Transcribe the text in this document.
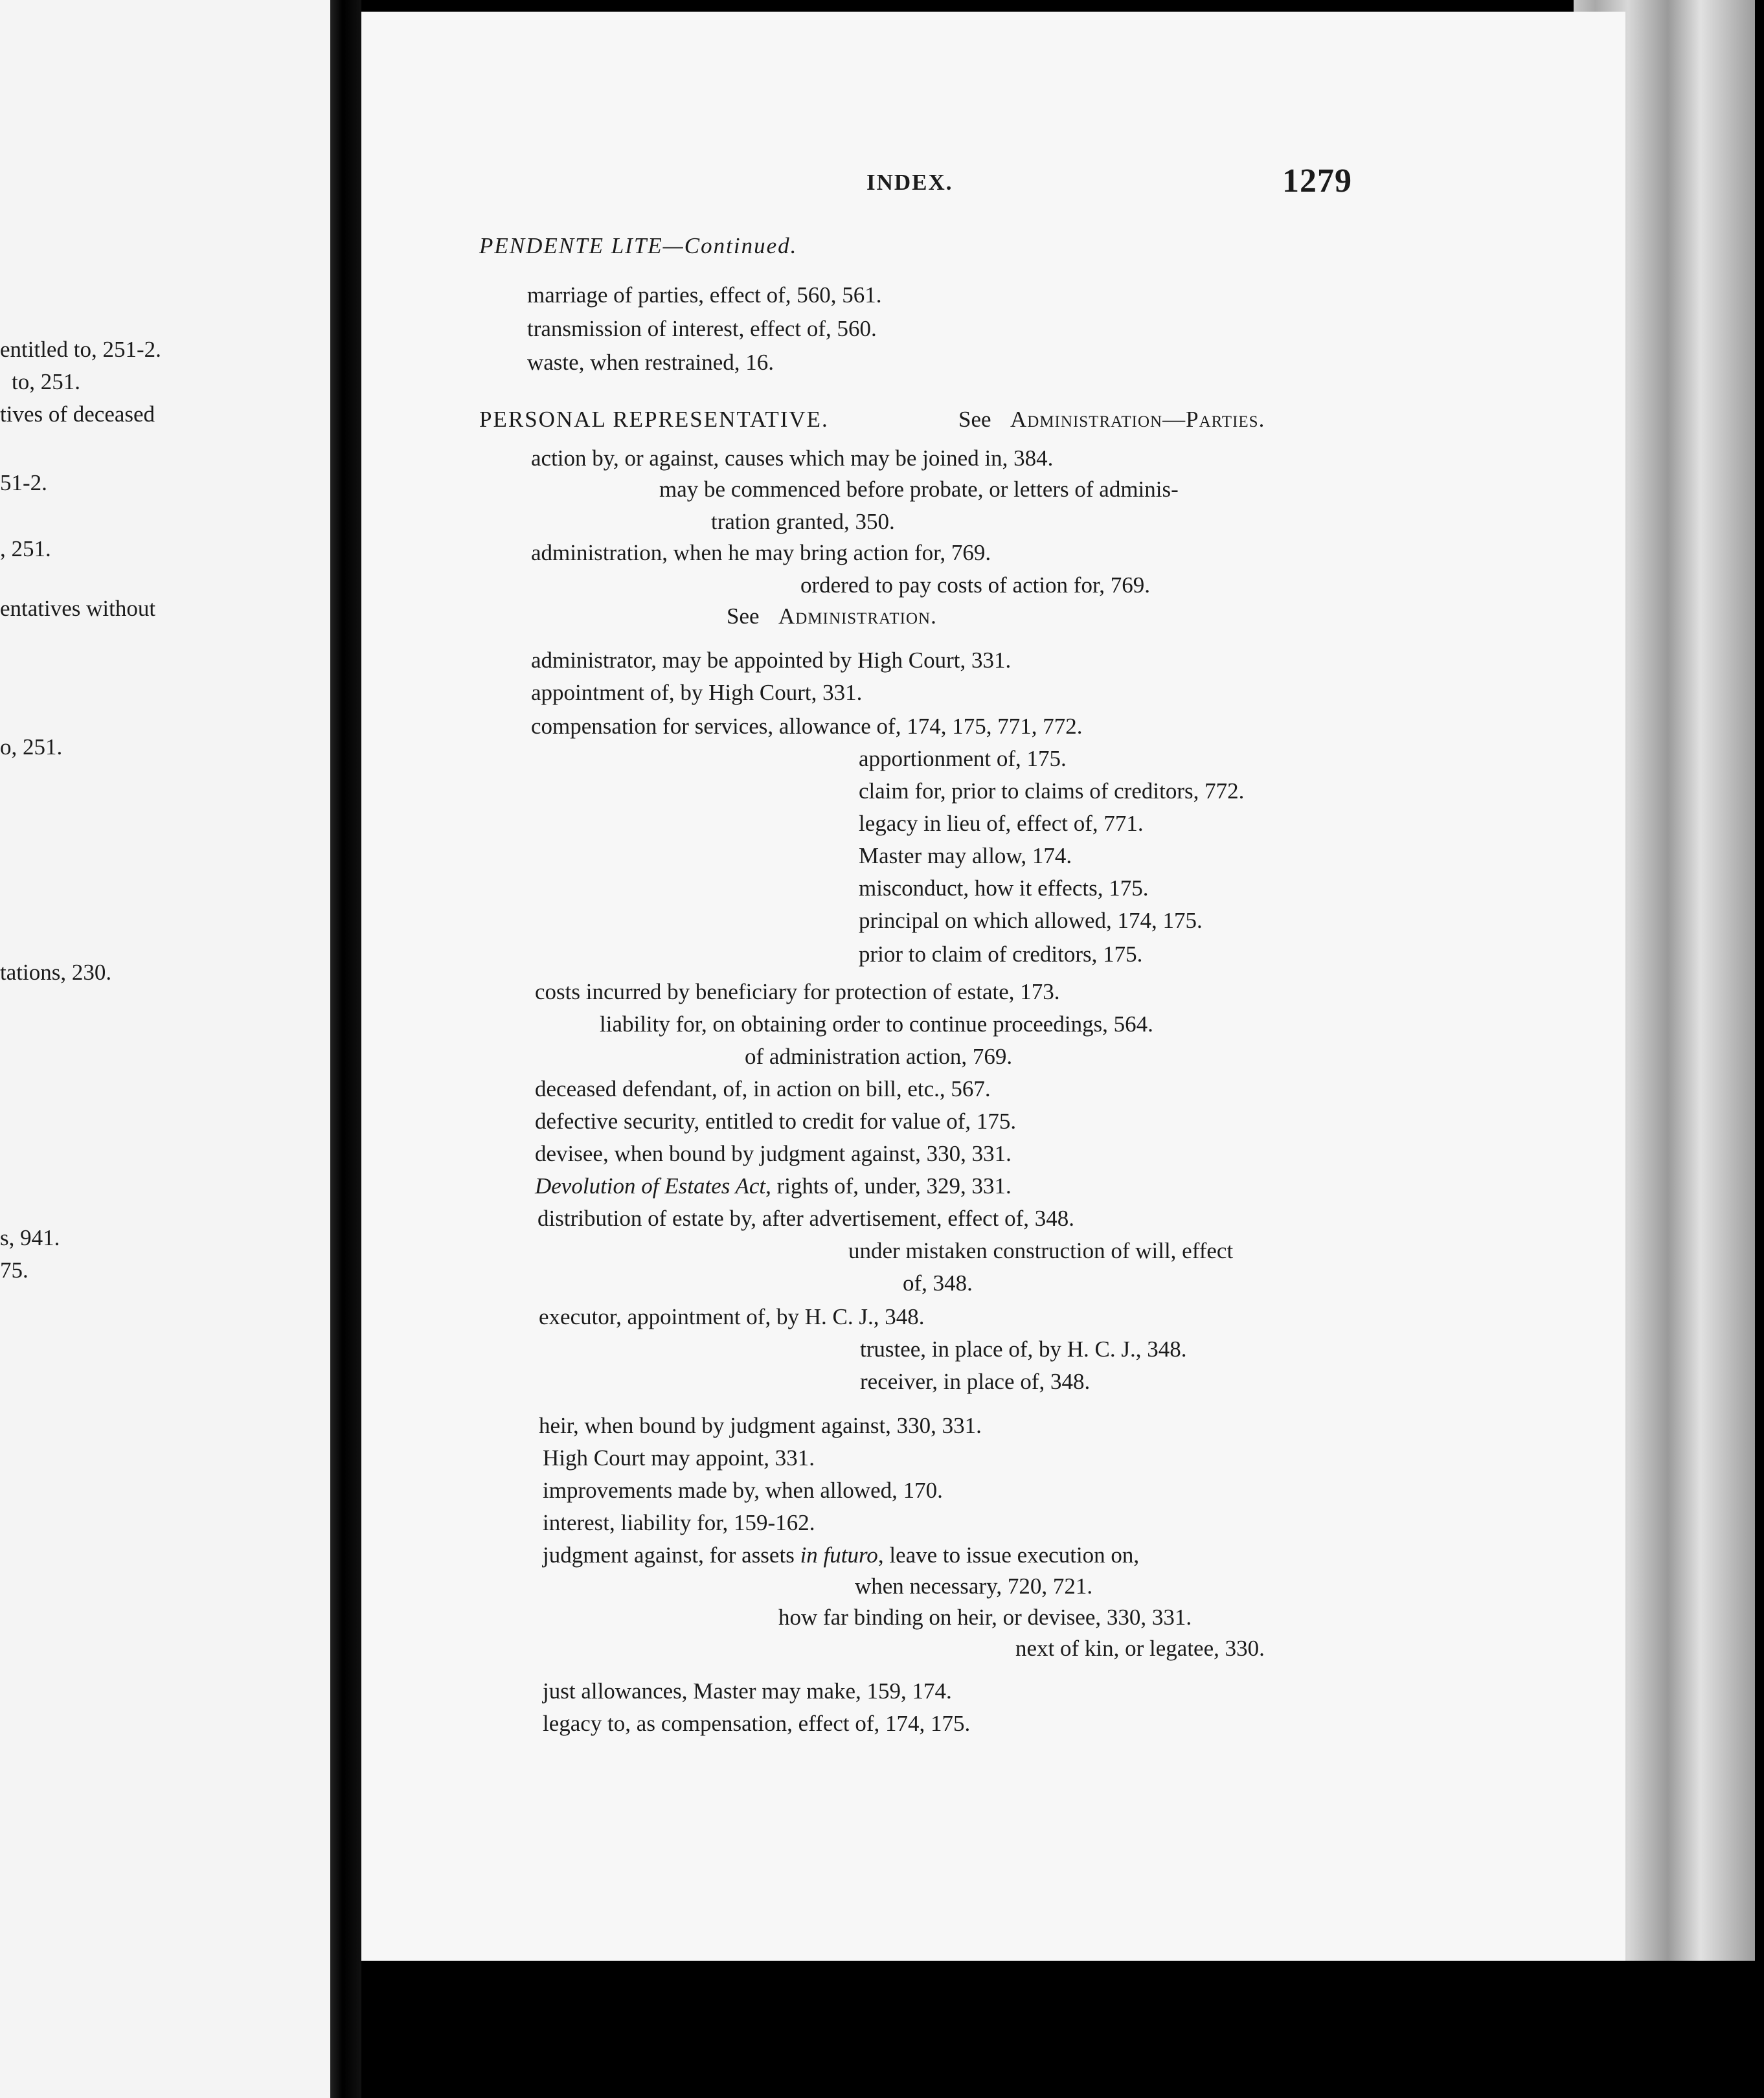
entitled to, 251-2.
to, 251.
tives of deceased
51-2.
, 251.
entatives without
o, 251.
tations, 230.
s, 941.
75.
INDEX.	1279
PENDENTE LITE—Continued.
marriage of parties, effect of, 560, 561.
transmission of interest, effect of, 560.
waste, when restrained, 16.
PERSONAL REPRESENTATIVE.	See Administration—Parties.
action by, or against, causes which may be joined in, 384.
may be commenced before probate, or letters of adminis-
tration granted, 350.
administration, when he may bring action for, 769.
ordered to pay costs of action for, 769.
See Administration.
administrator, may be appointed by High Court, 331.
appointment of, by High Court, 331.
compensation for services, allowance of, 174, 175, 771, 772.
apportionment of, 175.
claim for, prior to claims of creditors, 772.
legacy in lieu of, effect of, 771.
Master may allow, 174.
misconduct, how it effects, 175.
principal on which allowed, 174, 175.
prior to claim of creditors, 175.
costs incurred by beneficiary for protection of estate, 173.
liability for, on obtaining order to continue proceedings, 564.
of administration action, 769.
deceased defendant, of, in action on bill, etc., 567.
defective security, entitled to credit for value of, 175.
devisee, when bound by judgment against, 330, 331.
Devolution of Estates Act, rights of, under, 329, 331.
distribution of estate by, after advertisement, effect of, 348.
under mistaken construction of will, effect
of, 348.
executor, appointment of, by H. C. J., 348.
trustee, in place of, by H. C. J., 348.
receiver, in place of, 348.
heir, when bound by judgment against, 330, 331.
High Court may appoint, 331.
improvements made by, when allowed, 170.
interest, liability for, 159-162.
judgment against, for assets in futuro, leave to issue execution on,
when necessary, 720, 721.
how far binding on heir, or devisee, 330, 331.
next of kin, or legatee, 330.
just allowances, Master may make, 159, 174.
legacy to, as compensation, effect of, 174, 175.
